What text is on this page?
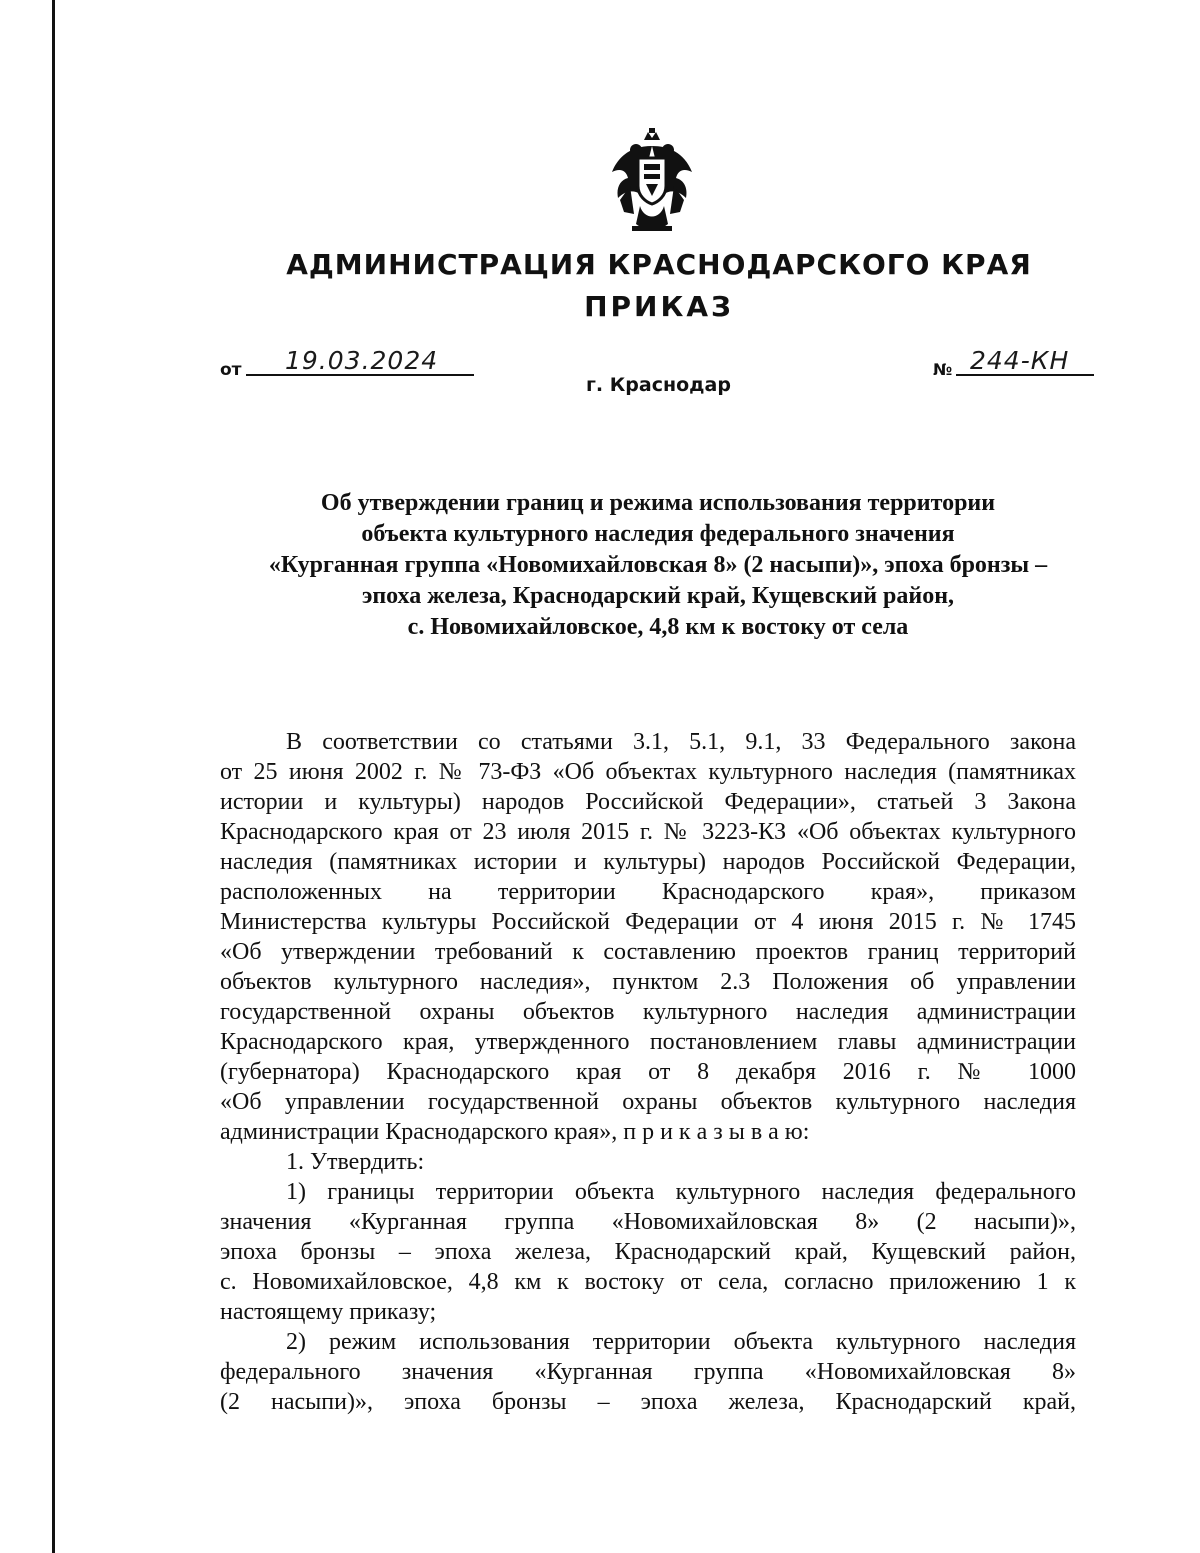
АДМИНИСТРАЦИЯ КРАСНОДАРСКОГО КРАЯ
ПРИКАЗ
от 19.03.2024	№ 244-КН
г. Краснодар
Об утверждении границ и режима использования территории
объекта культурного наследия федерального значения
«Курганная группа «Новомихайловская 8» (2 насыпи)», эпоха бронзы –
эпоха железа, Краснодарский край, Кущевский район,
с. Новомихайловское, 4,8 км к востоку от села
В соответствии со статьями 3.1, 5.1, 9.1, 33 Федерального закона
от 25 июня 2002 г. № 73-ФЗ «Об объектах культурного наследия (памятниках
истории и культуры) народов Российской Федерации», статьей 3 Закона
Краснодарского края от 23 июля 2015 г. № 3223-КЗ «Об объектах культурного
наследия (памятниках истории и культуры) народов Российской Федерации,
расположенных на территории Краснодарского края», приказом
Министерства культуры Российской Федерации от 4 июня 2015 г. № 1745
«Об утверждении требований к составлению проектов границ территорий
объектов культурного наследия», пунктом 2.3 Положения об управлении
государственной охраны объектов культурного наследия администрации
Краснодарского края, утвержденного постановлением главы администрации
(губернатора) Краснодарского края от 8 декабря 2016 г. № 1000
«Об управлении государственной охраны объектов культурного наследия
администрации Краснодарского края», п р и к а з ы в а ю:
1. Утвердить:
1) границы территории объекта культурного наследия федерального
значения «Курганная группа «Новомихайловская 8» (2 насыпи)»,
эпоха бронзы – эпоха железа, Краснодарский край, Кущевский район,
с. Новомихайловское, 4,8 км к востоку от села, согласно приложению 1 к
настоящему приказу;
2) режим использования территории объекта культурного наследия
федерального значения «Курганная группа «Новомихайловская 8»
(2 насыпи)», эпоха бронзы – эпоха железа, Краснодарский край,
